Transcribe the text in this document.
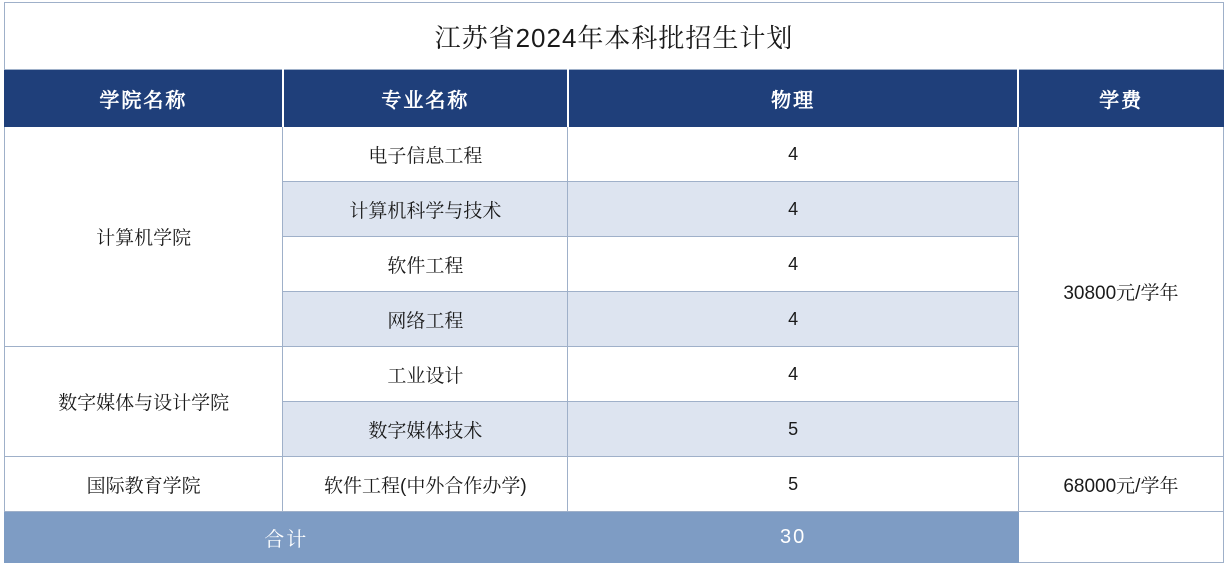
江苏省2024年本科批招生计划			
学院名称	专业名称	物理	学费
计算机学院	电子信息工程	4	30800元/学年
	计算机科学与技术	4	
	软件工程	4	
	网络工程	4	
数字媒体与设计学院	工业设计	4	
	数字媒体技术	5	
国际教育学院	软件工程(中外合作办学)	5	68000元/学年
合计		30	
